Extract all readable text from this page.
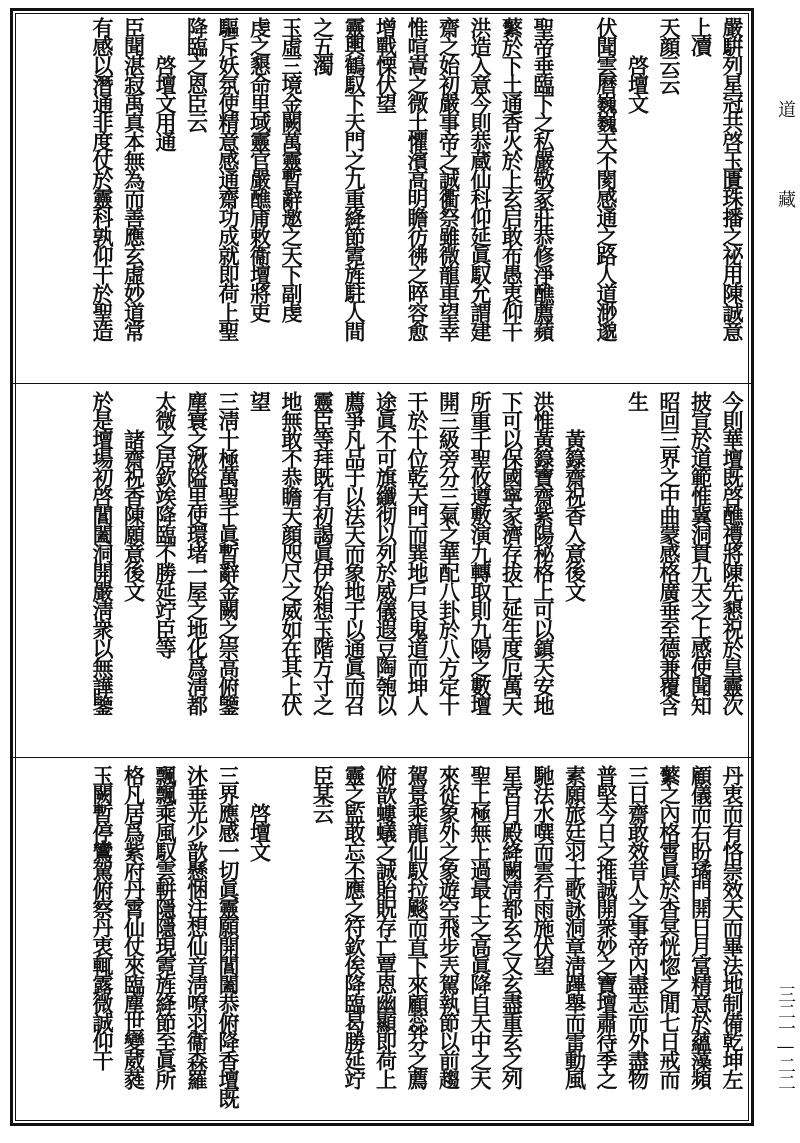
嚴騈列星冠共啓玉匱珠播之祕用陳誠意
上凟
天顔云云
　　啓壇文
伏聞雲曆巍巍天不閡感通之路人道渺邈
聖帝垂臨下之私嚴敬冢莊恭修淨醮薦蘋
蘩於下土通香火於上玄启敢布愚衷仰干
洪造入意今則恭蔵仙科仰延眞馭允謂建
齋之始初嚴事帝之誠衢祭雖微龍車望幸
惟喧嵩之微土懼濱高明瞻彷彿之晬容愈
增戰慄伏望
靈輿鶴馭下天門之九重絳節霓旌駐人間
之五濁
玉虛三境金闕萬靈暫辭邀之天下副虔
虔之懇命里域靈官嚴醮庯敕衞壇將吏
驅斥妖氛使精意感通齋功成就即荷上聖
降臨之恩臣云
　　啓壇文用通
臣聞湛寂禹真本無為而善應玄虛妙道常
有感以潛通非度仗於靈科孰仰干於聖造
今則華壇既啓醮禮將陳先懇祝於皇靈次
披宣於道範惟冀洞貫九天之上感使聞知
昭回三界之中曲蒙感格廣垂至德兼覆含
生
　　黃籙齋祝香入意後文
洪惟黃籙寶齋紫陽秘格上可以鎮天安地
下可以保國寧家濟存拔亡延生度厄萬天
所重千聖攸遵敷演九轉取則九陽之數壇
開三級旁分三氣之華配八卦於八方定十
干於十位乾天門而巽地戶艮鬼道而坤人
途眞不可旗纖彻以列於威儀遐豆陶匏以
薦爭凡品于以法天而象地于以通眞而召
靈臣等拜既有初謁眞伊始想玉階方寸之
地無敢不恭瞻天顔咫尺之威如在其上伏
望
三淸十極萬聖千眞暫辭金闕之崇高俯鑒
塵寰之湫隘里使環堵一屋之地化爲淸都
太微之居欽竢降臨不勝延竚臣等
　　諸齋祝香陳願意後文
於是壇場初啓閶闔洞開嚴淸衆以無譁鑒
丹衷而有恪崇效天而畢法地制備乾坤左
顧儀而右盼璚門開日月富精意於蘊藻頻
蘩之內格霄眞於杳冥恍惚之閒七日戒而
三日齋敢效昔人之事帝內盡志而外盡物
普堅今日之推誠開衆妙之寶壇肅待季之
素願旅廷羽士歌詠洞章淸蹕舉而雷動風
馳法水噀而雲行雨施伏望
星宮月殿絳闕淸都玄之又玄盡重玄之列
聖上極無上過最上之高眞降自天中之天
來從象外之象遊空飛步兲駕執節以前趨
駕景乘龍仙馭拉颷而直下來顧蕊芬之薦
俯歆螻蟻之誠貽貺存亡覃恩幽顯即荷上
靈之監敢忘丕應之符欽俟降臨曷勝延竚
臣某云
　　啓壇文
三界應感一切眞靈願開閶闔恭俯降香壇既
沐垂光少歆懸悃注想仙音淸嘹羽衞森羅
飄飄乘風馭雲軿隱隱現霓旌絳節至眞所
格凡居爲紫府丹霄仙仗來臨塵世變葳蕤
玉闕暫停鸞駕俯察丹衷輒露微誠仰干
道
藏
三二一—二二
